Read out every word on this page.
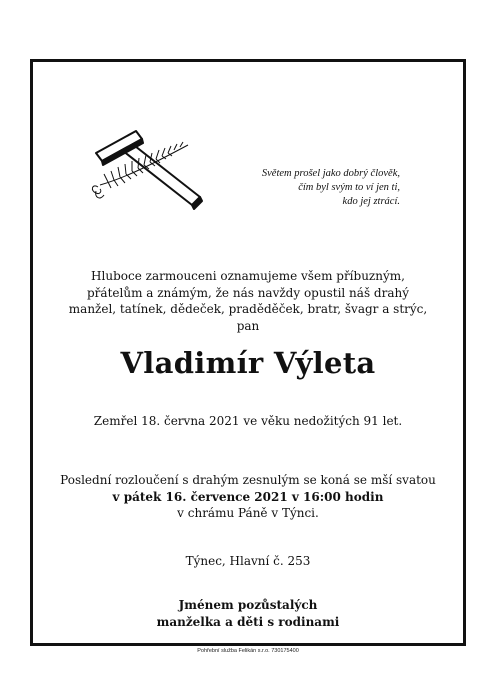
Světem prošel jako dobrý člověk,
čím byl svým to ví jen ti,
kdo jej ztrácí.
Hluboce zarmouceni oznamujeme všem příbuzným,
přátelům a známým, že nás navždy opustil náš drahý
manžel, tatínek, dědeček, praděděček, bratr, švagr a strýc,
pan
Vladimír Výleta
Zemřel 18. června 2021 ve věku nedožitých 91 let.
Poslední rozloučení s drahým zesnulým se koná se mší svatou
v pátek 16. července 2021 v 16:00 hodin
v chrámu Páně v Týnci.
Týnec, Hlavní č. 253
Jménem pozůstalých
manželka a děti s rodinami
Pohřební služba Felikán s.r.o. 730175400
